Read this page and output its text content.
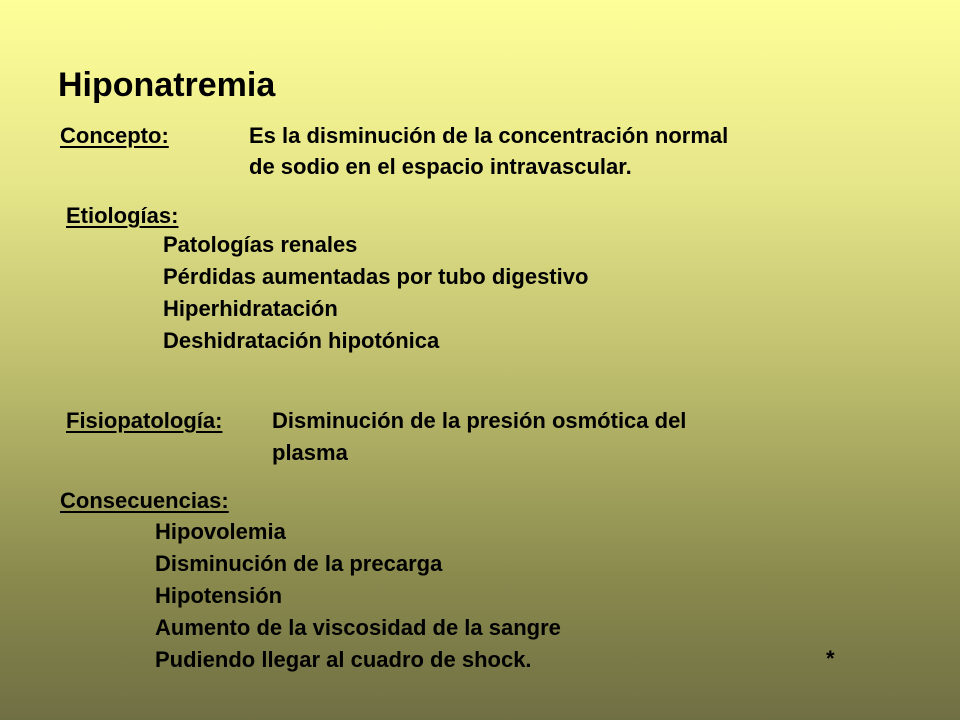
Hiponatremia
Concepto:	Es la disminución de la concentración normal
de sodio en el espacio intravascular.
Etiologías:
Patologías renales
Pérdidas aumentadas por tubo digestivo
Hiperhidratación
Deshidratación hipotónica
Fisiopatología: Disminución de la presión osmótica del
plasma
Consecuencias:
Hipovolemia
Disminución de la precarga
Hipotensión
Aumento de la viscosidad de la sangre
Pudiendo llegar al cuadro de shock.	*
